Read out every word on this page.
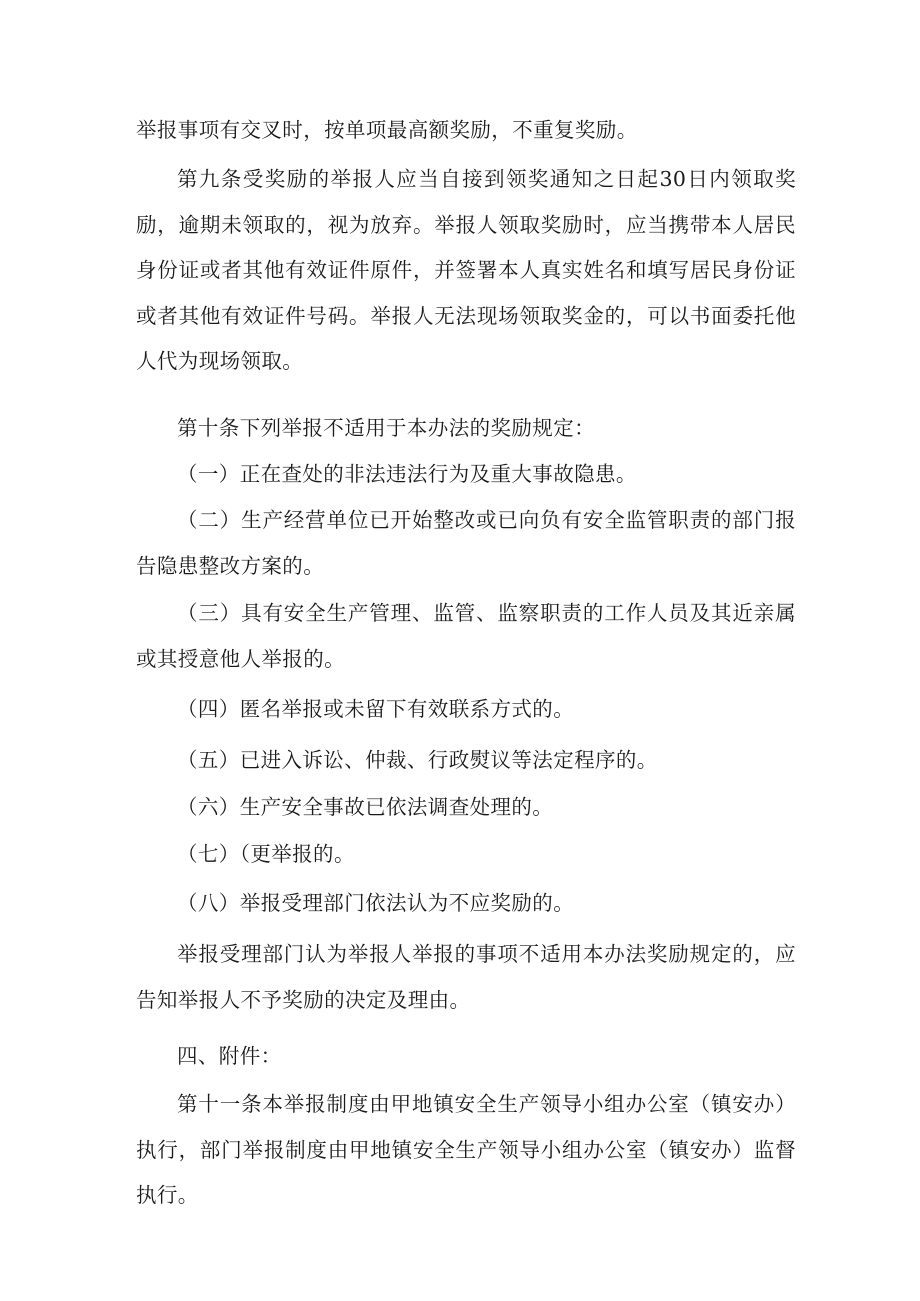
举报事项有交叉时，按单项最高额奖励，不重复奖励。

第九条受奖励的举报人应当自接到领奖通知之日起30日内领取奖励，逾期未领取的，视为放弃。举报人领取奖励时，应当携带本人居民身份证或者其他有效证件原件，并签署本人真实姓名和填写居民身份证或者其他有效证件号码。举报人无法现场领取奖金的，可以书面委托他人代为现场领取。

第十条下列举报不适用于本办法的奖励规定：

（一）正在查处的非法违法行为及重大事故隐患。

（二）生产经营单位已开始整改或已向负有安全监管职责的部门报告隐患整改方案的。

（三）具有安全生产管理、监管、监察职责的工作人员及其近亲属或其授意他人举报的。

（四）匿名举报或未留下有效联系方式的。

（五）已进入诉讼、仲裁、行政熨议等法定程序的。

（六）生产安全事故已依法调查处理的。

（七）（更举报的。

（八）举报受理部门依法认为不应奖励的。

举报受理部门认为举报人举报的事项不适用本办法奖励规定的，应告知举报人不予奖励的决定及理由。

四、附件：

第十一条本举报制度由甲地镇安全生产领导小组办公室（镇安办）执行，部门举报制度由甲地镇安全生产领导小组办公室（镇安办）监督执行。
